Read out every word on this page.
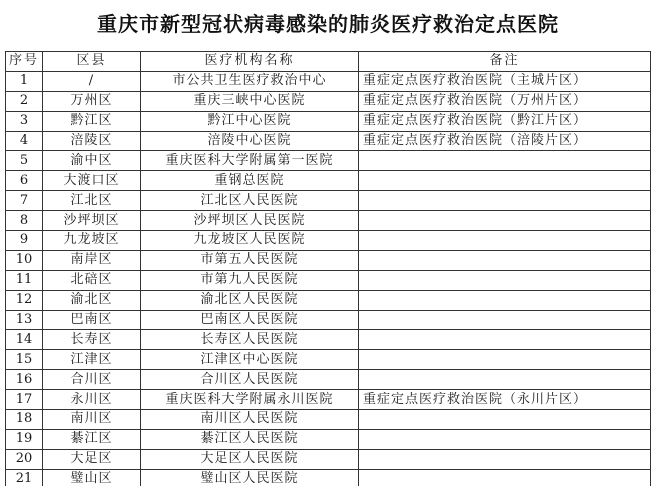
重庆市新型冠状病毒感染的肺炎医疗救治定点医院
序号	区县	医疗机构名称	备注
1	/	市公共卫生医疗救治中心	重症定点医疗救治医院（主城片区）
2	万州区	重庆三峡中心医院	重症定点医疗救治医院（万州片区）
3	黔江区	黔江中心医院	重症定点医疗救治医院（黔江片区）
4	涪陵区	涪陵中心医院	重症定点医疗救治医院（涪陵片区）
5	渝中区	重庆医科大学附属第一医院	
6	大渡口区	重钢总医院	
7	江北区	江北区人民医院	
8	沙坪坝区	沙坪坝区人民医院	
9	九龙坡区	九龙坡区人民医院	
10	南岸区	市第五人民医院	
11	北碚区	市第九人民医院	
12	渝北区	渝北区人民医院	
13	巴南区	巴南区人民医院	
14	长寿区	长寿区人民医院	
15	江津区	江津区中心医院	
16	合川区	合川区人民医院	
17	永川区	重庆医科大学附属永川医院	重症定点医疗救治医院（永川片区）
18	南川区	南川区人民医院	
19	綦江区	綦江区人民医院	
20	大足区	大足区人民医院	
21	璧山区	璧山区人民医院	
